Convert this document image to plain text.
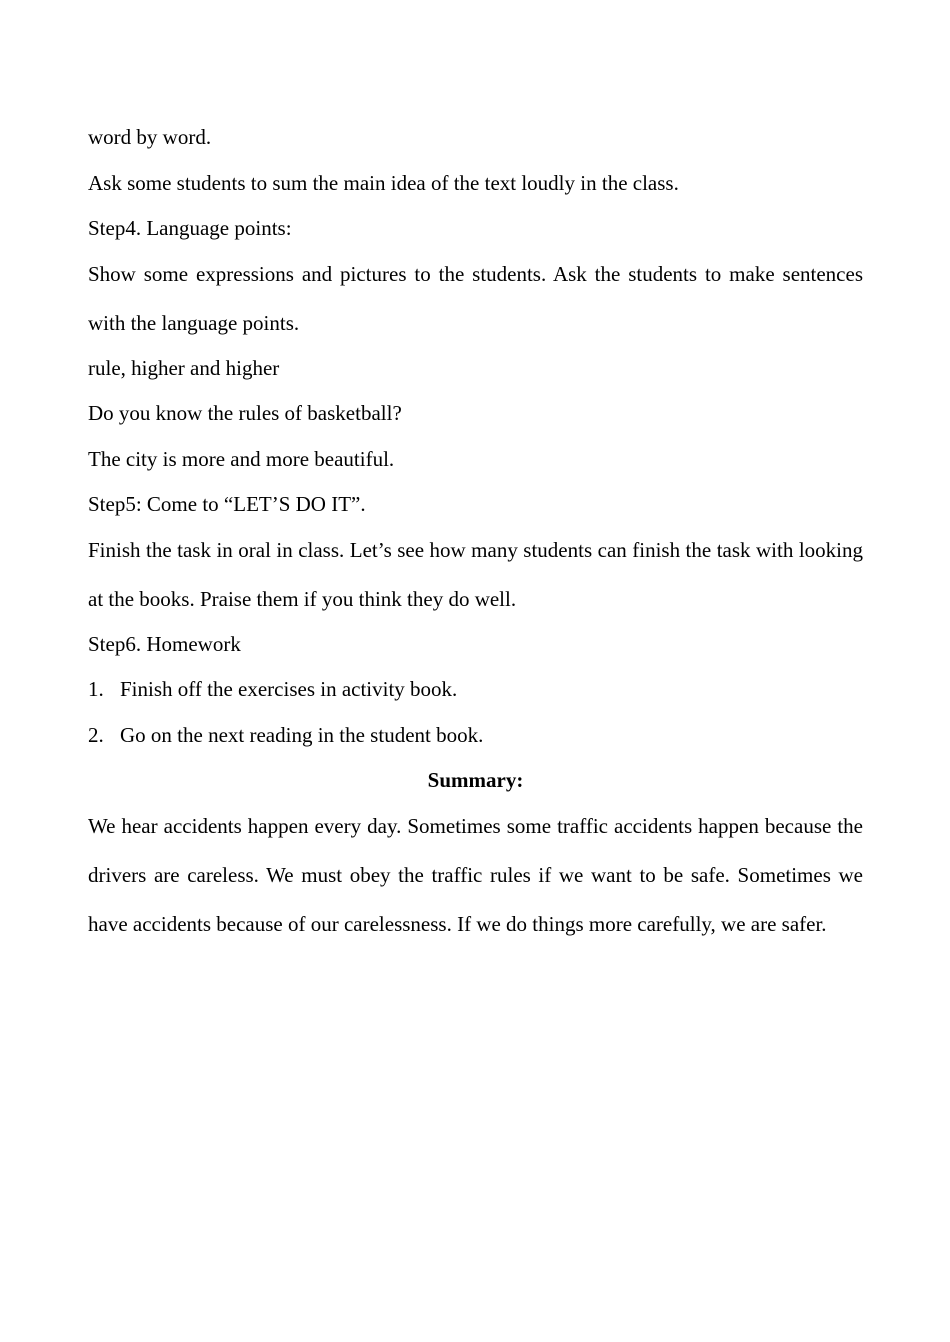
word by word.
Ask some students to sum the main idea of the text loudly in the class.
Step4. Language points:
Show some expressions and pictures to the students. Ask the students to make sentences with the language points.
rule, higher and higher
Do you know the rules of basketball?
The city is more and more beautiful.
Step5: Come to “LET’S DO IT”.
Finish the task in oral in class. Let’s see how many students can finish the task with looking at the books. Praise them if you think they do well.
Step6. Homework
1. Finish off the exercises in activity book.
2. Go on the next reading in the student book.
Summary:
We hear accidents happen every day. Sometimes some traffic accidents happen because the drivers are careless. We must obey the traffic rules if we want to be safe. Sometimes we have accidents because of our carelessness. If we do things more carefully, we are safer.
